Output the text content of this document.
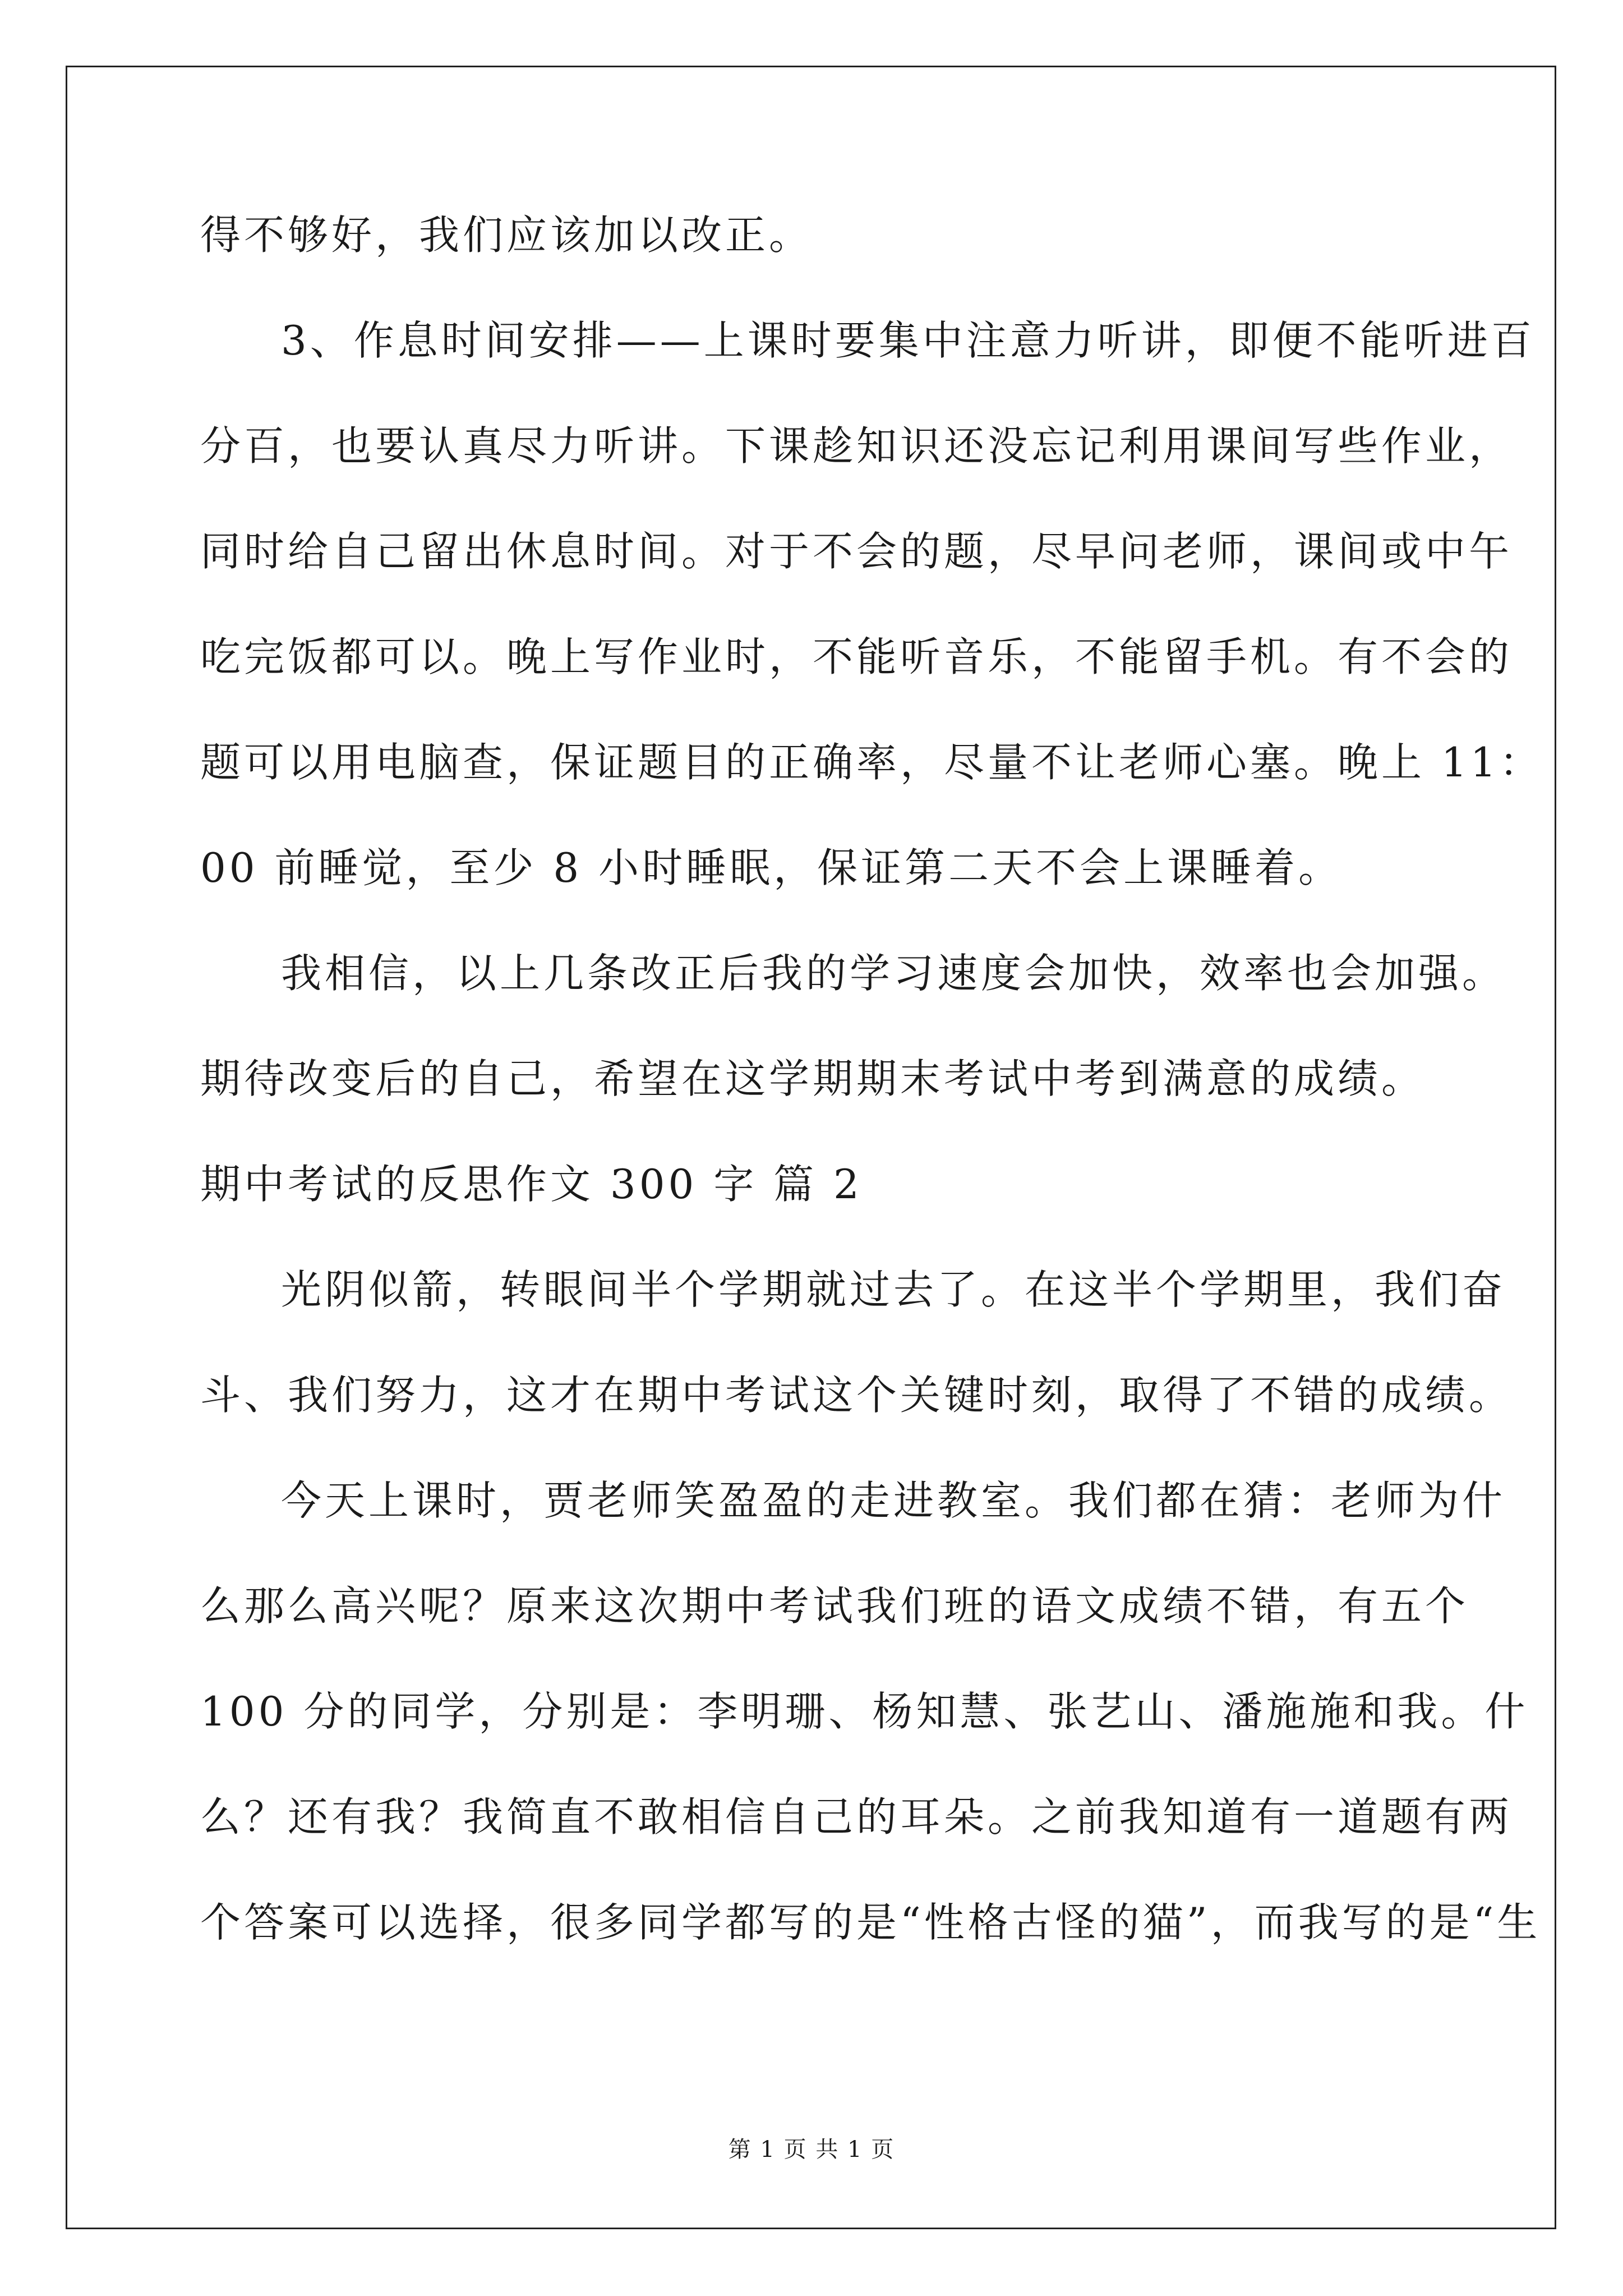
得不够好，我们应该加以改正。
3、作息时间安排——上课时要集中注意力听讲，即便不能听进百
分百，也要认真尽力听讲。下课趁知识还没忘记利用课间写些作业，
同时给自己留出休息时间。对于不会的题，尽早问老师，课间或中午
吃完饭都可以。晚上写作业时，不能听音乐，不能留手机。有不会的
题可以用电脑查，保证题目的正确率，尽量不让老师心塞。晚上 11：
00 前睡觉，至少 8 小时睡眠，保证第二天不会上课睡着。
我相信，以上几条改正后我的学习速度会加快，效率也会加强。
期待改变后的自己，希望在这学期期末考试中考到满意的成绩。
期中考试的反思作文 300 字 篇 2
光阴似箭，转眼间半个学期就过去了。在这半个学期里，我们奋
斗、我们努力，这才在期中考试这个关键时刻，取得了不错的成绩。
今天上课时，贾老师笑盈盈的走进教室。我们都在猜：老师为什
么那么高兴呢？原来这次期中考试我们班的语文成绩不错，有五个
100 分的同学，分别是：李明珊、杨知慧、张艺山、潘施施和我。什
么？还有我？我简直不敢相信自己的耳朵。之前我知道有一道题有两
个答案可以选择，很多同学都写的是“性格古怪的猫”，而我写的是“生
第 1 页 共 1 页
